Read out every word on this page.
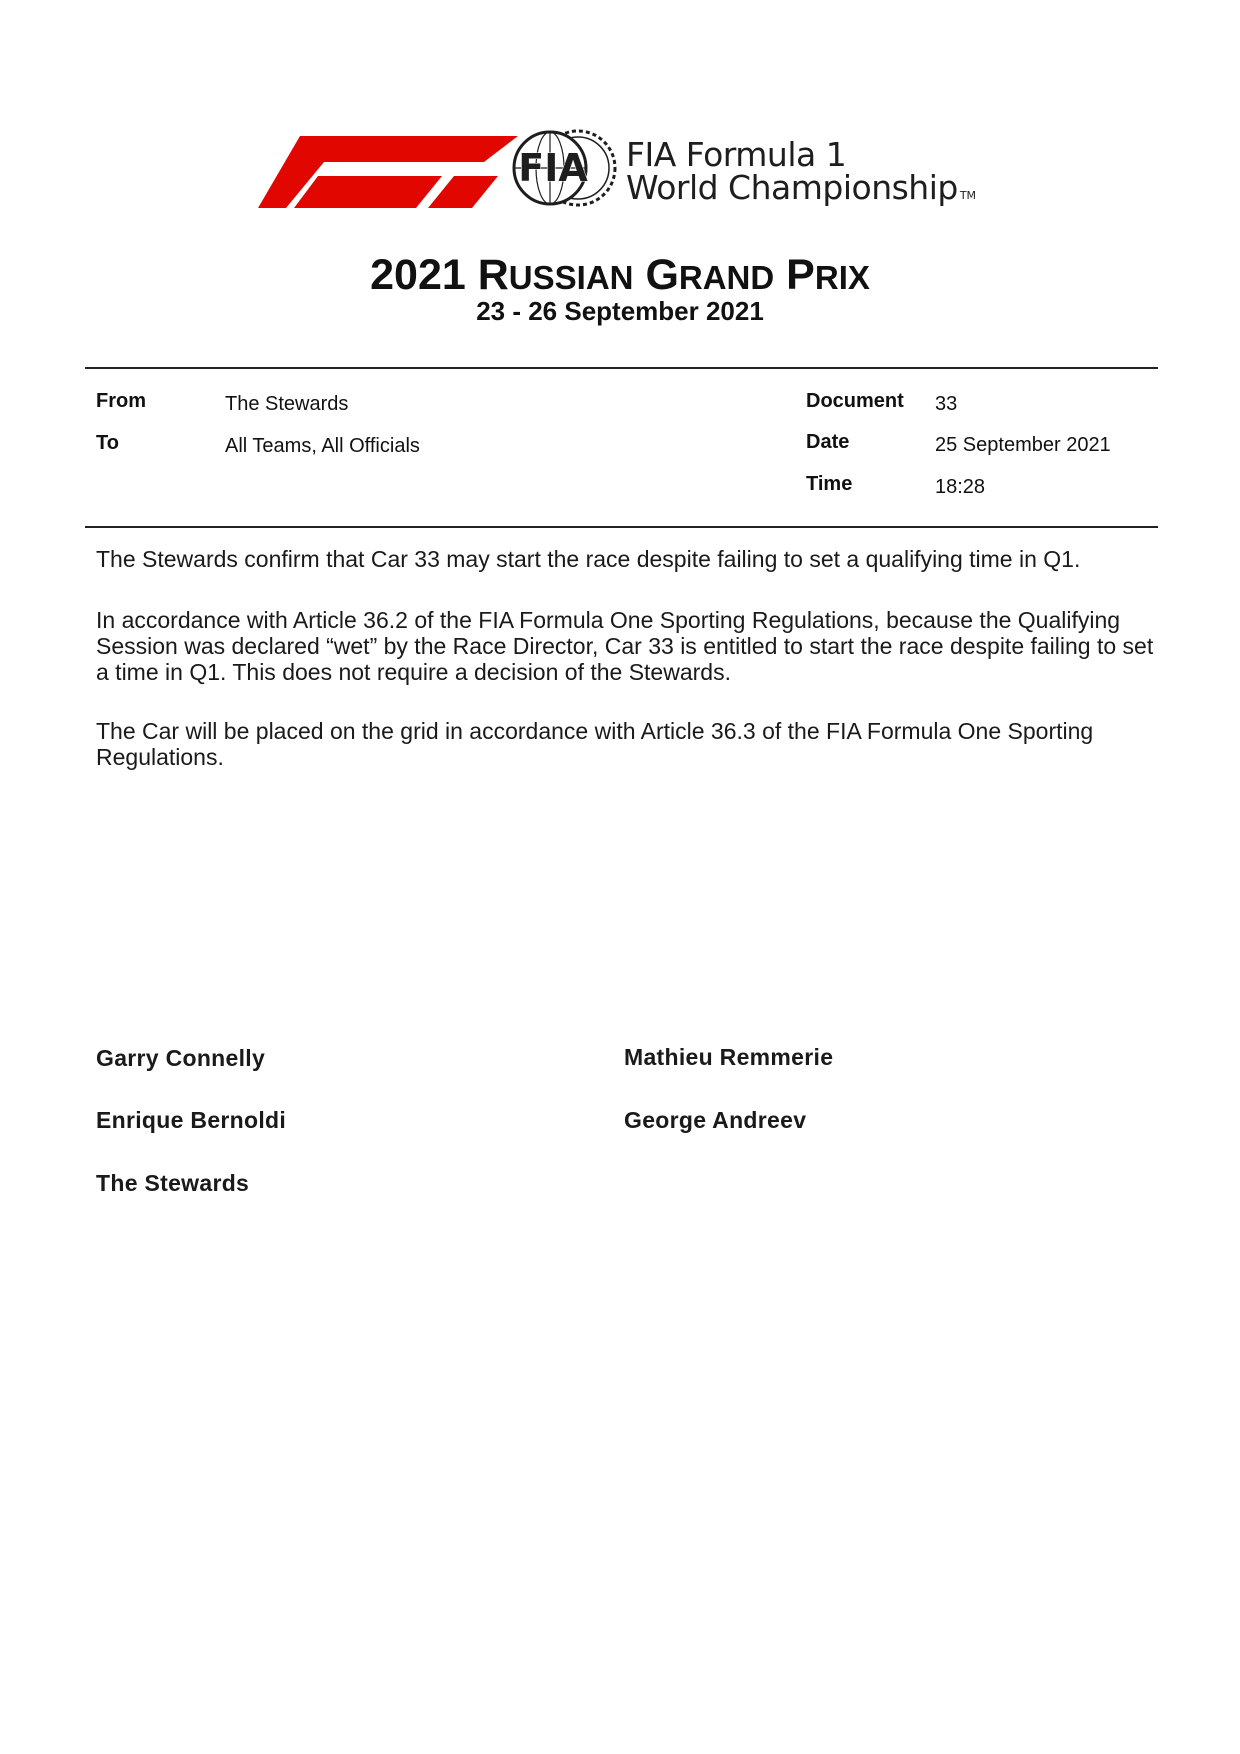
FIA FIA Formula 1
World Championship TM
2021 RUSSIAN GRAND PRIX
23 - 26 September 2021
From	The Stewards
To	All Teams, All Officials
Document 33
Date	25 September 2021
Time	18:28

The Stewards confirm that Car 33 may start the race despite failing to set a qualifying time in Q1.

In accordance with Article 36.2 of the FIA Formula One Sporting Regulations, because the Qualifying Session was declared “wet” by the Race Director, Car 33 is entitled to start the race despite failing to set a time in Q1. This does not require a decision of the Stewards.

The Car will be placed on the grid in accordance with Article 36.3 of the FIA Formula One Sporting Regulations.

Garry Connelly
Enrique Bernoldi
The Stewards
Mathieu Remmerie
George Andreev
